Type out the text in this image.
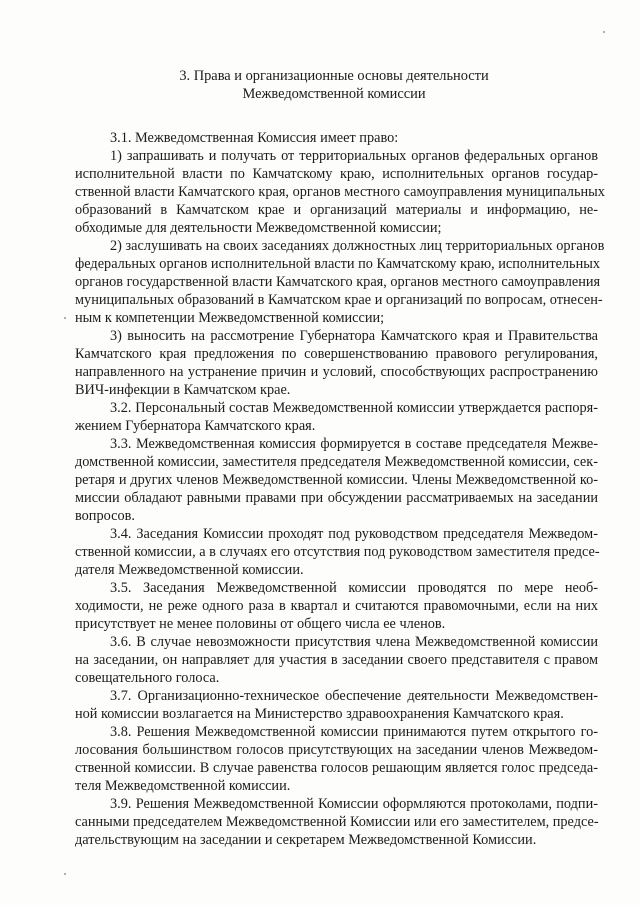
3. Права и организационные основы деятельности
Межведомственной комиссии
3.1. Межведомственная Комиссия имеет право:
1) запрашивать и получать от территориальных органов федеральных органов
исполнительной власти по Камчатскому краю, исполнительных органов государ-
ственной власти Камчатского края, органов местного самоуправления муниципальных
образований в Камчатском крае и организаций материалы и информацию, не-
обходимые для деятельности Межведомственной комиссии;
2) заслушивать на своих заседаниях должностных лиц территориальных органов
федеральных органов исполнительной власти по Камчатскому краю, исполнительных
органов государственной власти Камчатского края, органов местного самоуправления
муниципальных образований в Камчатском крае и организаций по вопросам, отнесен-
ным к компетенции Межведомственной комиссии;
3) выносить на рассмотрение Губернатора Камчатского края и Правительства
Камчатского края предложения по совершенствованию правового регулирования,
направленного на устранение причин и условий, способствующих распространению
ВИЧ-инфекции в Камчатском крае.
3.2. Персональный состав Межведомственной комиссии утверждается распоря-
жением Губернатора Камчатского края.
3.3. Межведомственная комиссия формируется в составе председателя Межве-
домственной комиссии, заместителя председателя Межведомственной комиссии, сек-
ретаря и других членов Межведомственной комиссии. Члены Межведомственной ко-
миссии обладают равными правами при обсуждении рассматриваемых на заседании
вопросов.
3.4. Заседания Комиссии проходят под руководством председателя Межведом-
ственной комиссии, а в случаях его отсутствия под руководством заместителя предсе-
дателя Межведомственной комиссии.
3.5. Заседания Межведомственной комиссии проводятся по мере необ-
ходимости, не реже одного раза в квартал и считаются правомочными, если на них
присутствует не менее половины от общего числа ее членов.
3.6. В случае невозможности присутствия члена Межведомственной комиссии
на заседании, он направляет для участия в заседании своего представителя с правом
совещательного голоса.
3.7. Организационно-техническое обеспечение деятельности Межведомствен-
ной комиссии возлагается на Министерство здравоохранения Камчатского края.
3.8. Решения Межведомственной комиссии принимаются путем открытого го-
лосования большинством голосов присутствующих на заседании членов Межведом-
ственной комиссии. В случае равенства голосов решающим является голос председа-
теля Межведомственной комиссии.
3.9. Решения Межведомственной Комиссии оформляются протоколами, подпи-
санными председателем Межведомственной Комиссии или его заместителем, предсе-
дательствующим на заседании и секретарем Межведомственной Комиссии.
